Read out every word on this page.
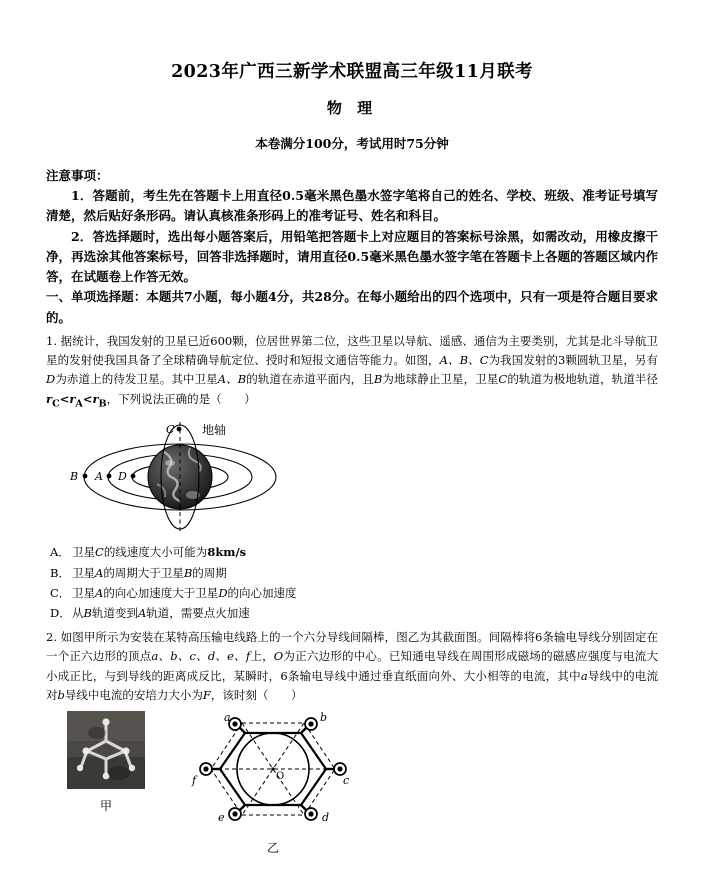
2023年广西三新学术联盟高三年级11月联考
物 理
本卷满分100分，考试用时75分钟
注意事项：

1．答题前，考生先在答题卡上用直径0.5毫米黑色墨水签字笔将自己的姓名、学校、班级、准考证号填写清楚，然后贴好条形码。请认真核准条形码上的准考证号、姓名和科目。

2．答选择题时，选出每小题答案后，用铅笔把答题卡上对应题目的答案标号涂黑，如需改动，用橡皮擦干净，再选涂其他答案标号，回答非选择题时，请用直径0.5毫米黑色墨水签字笔在答题卡上各题的答题区域内作答，在试题卷上作答无效。

一、单项选择题：本题共7小题，每小题4分，共28分。在每小题给出的四个选项中，只有一项是符合题目要求的。

1. 据统计，我国发射的卫星已近600颗，位居世界第二位，这些卫星以导航、遥感、通信为主要类别，尤其是北斗导航卫星的发射使我国具备了全球精确导航定位、授时和短报文通信等能力。如图，A、B、C为我国发射的3颗圆轨卫星，另有D为赤道上的待发卫星。其中卫星A、B的轨道在赤道平面内，且B为地球静止卫星，卫星C的轨道为极地轨道，轨道半径 $r_C<r_A<r_B$，下列说法正确的是（ ）

C
B A D
地轴
A． 卫星C的线速度大小可能为8km/s
B． 卫星A的周期大于卫星B的周期
C． 卫星A的向心加速度大于卫星D的向心加速度
D．从B轨道变到A轨道，需要点火加速

2. 如图甲所示为安装在某特高压输电线路上的一个六分导线间隔棒，图乙为其截面图。间隔棒将6条输电导线分别固定在一个正六边形的顶点a、b、c、d、e、f上，O为正六边形的中心。已知通电导线在周围形成磁场的磁感应强度与电流大小成正比，与到导线的距离成反比，某瞬时，6条输电导线中通过垂直纸面向外、大小相等的电流，其中a导线中的电流对b导线中电流的安培力大小为F，该时刻（ ）

甲
a	b
c
d
e
f	O
乙
